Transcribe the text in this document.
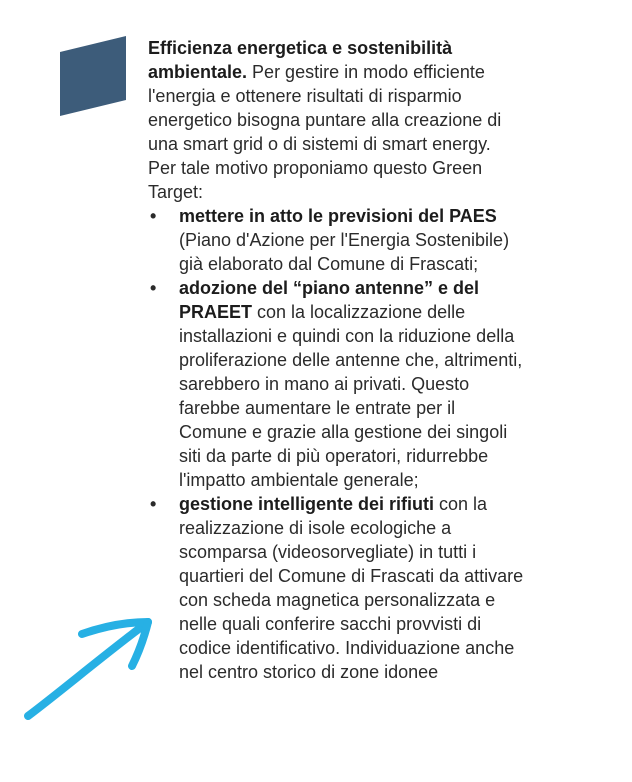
Efficienza energetica e sostenibilità ambientale. Per gestire in modo efficiente l'energia e ottenere risultati di risparmio energetico bisogna puntare alla creazione di una smart grid o di sistemi di smart energy.

Per tale motivo proponiamo questo Green Target:

• mettere in atto le previsioni del PAES (Piano d'Azione per l'Energia Sostenibile) già elaborato dal Comune di Frascati;
• adozione del “piano antenne” e del PRAEET con la localizzazione delle installazioni e quindi con la riduzione della proliferazione delle antenne che, altrimenti, sarebbero in mano ai privati. Questo farebbe aumentare le entrate per il Comune e grazie alla gestione dei singoli siti da parte di più operatori, ridurrebbe l'impatto ambientale generale;
• gestione intelligente dei rifiuti con la realizzazione di isole ecologiche a scomparsa (videosorvegliate) in tutti i quartieri del Comune di Frascati da attivare con scheda magnetica personalizzata e nelle quali conferire sacchi provvisti di codice identificativo. Individuazione anche nel centro storico di zone idonee
